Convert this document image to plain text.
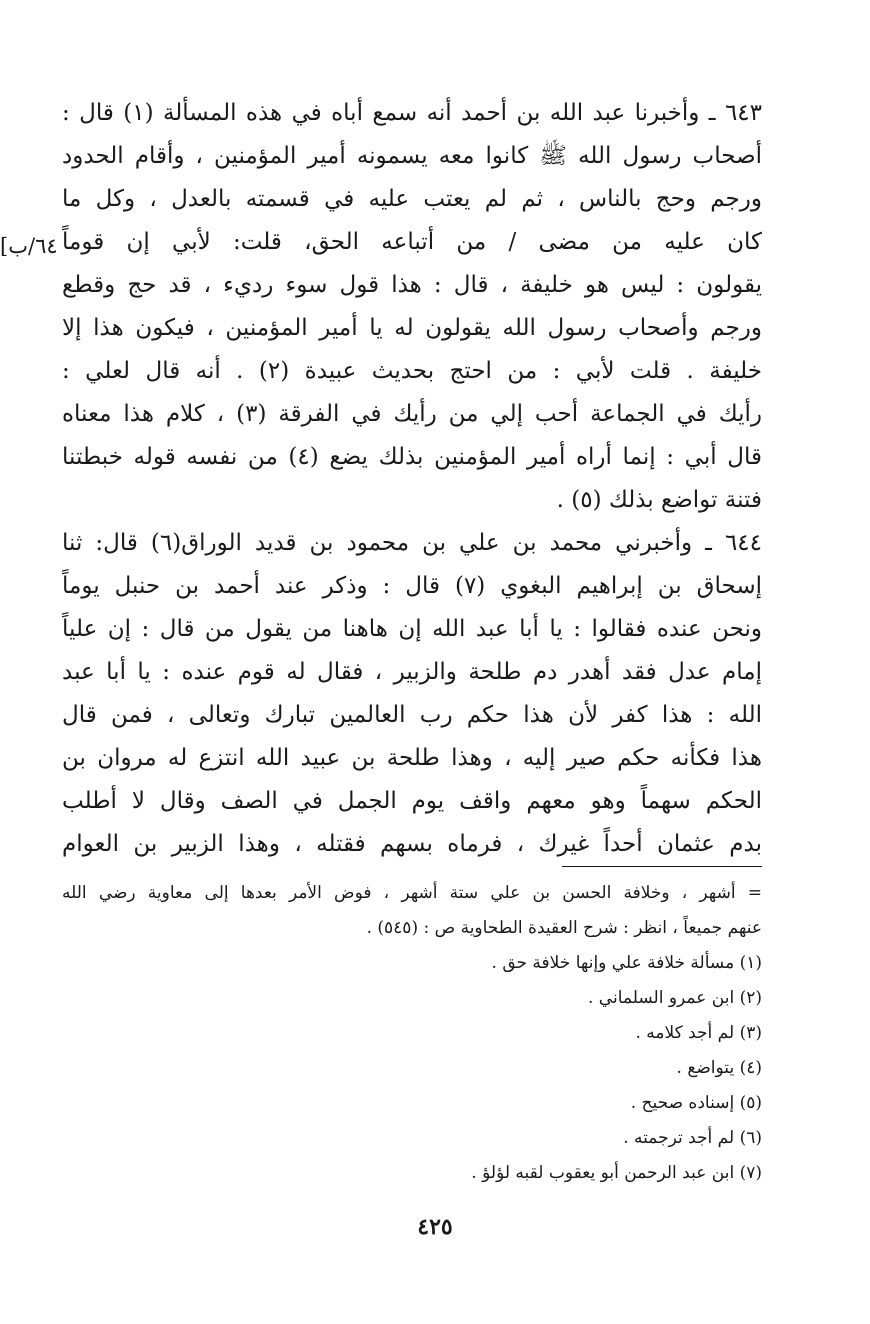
٦٤٣ ـ وأخبرنا عبد الله بن أحمد أنه سمع أباه في هذه المسألة (١) قال :
أصحاب رسول الله ﷺ كانوا معه يسمونه أمير المؤمنين ، وأقام الحدود
ورجم وحج بالناس ، ثم لم يعتب عليه في قسمته بالعدل ، وكل ما
كان عليه من مضى / من أتباعه الحق، قلت: لأبي إن قوماً
يقولون : ليس هو خليفة ، قال : هذا قول سوء رديء ، قد حج وقطع
ورجم وأصحاب رسول الله يقولون له يا أمير المؤمنين ، فيكون هذا إلا
خليفة . قلت لأبي : من احتج بحديث عبيدة (٢) . أنه قال لعلي :
رأيك في الجماعة أحب إلي من رأيك في الفرقة (٣) ، كلام هذا معناه
قال أبي : إنما أراه أمير المؤمنين بذلك يضع (٤) من نفسه قوله خبطتنا
فتنة تواضع بذلك (٥) .
٦٤٤ ـ وأخبرني محمد بن علي بن محمود بن قديد الوراق(٦) قال: ثنا
إسحاق بن إبراهيم البغوي (٧) قال : وذكر عند أحمد بن حنبل يوماً
ونحن عنده فقالوا : يا أبا عبد الله إن هاهنا من يقول من قال : إن علياً
إمام عدل فقد أهدر دم طلحة والزبير ، فقال له قوم عنده : يا أبا عبد
الله : هذا كفر لأن هذا حكم رب العالمين تبارك وتعالى ، فمن قال
هذا فكأنه حكم صير إليه ، وهذا طلحة بن عبيد الله انتزع له مروان بن
الحكم سهماً وهو معهم واقف يوم الجمل في الصف وقال لا أطلب
بدم عثمان أحداً غيرك ، فرماه بسهم فقتله ، وهذا الزبير بن العوام
[٦٤/ب
= أشهر ، وخلافة الحسن بن علي ستة أشهر ، فوض الأمر بعدها إلى معاوية رضي الله
عنهم جميعاً ، انظر : شرح العقيدة الطحاوية ص : (٥٤٥) .
(١) مسألة خلافة علي وإنها خلافة حق .
(٢) ابن عمرو السلماني .
(٣) لم أجد كلامه .
(٤) يتواضع .
(٥) إسناده صحيح .
(٦) لم أجد ترجمته .
(٧) ابن عبد الرحمن أبو يعقوب لقبه لؤلؤ .
٤٢٥
